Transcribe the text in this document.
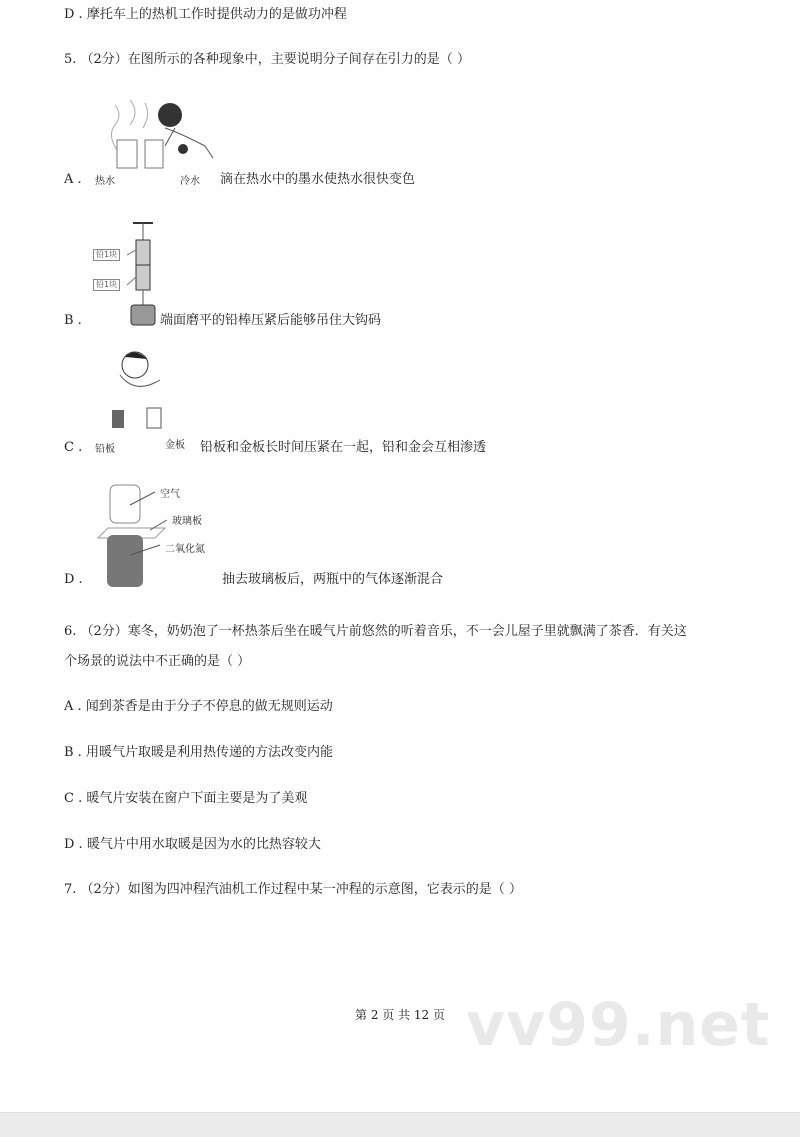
D . 摩托车上的热机工作时提供动力的是做功冲程
5. （2分）在图所示的各种现象中，主要说明分子间存在引力的是（ ）
热水	冷水
A .	滴在热水中的墨水使热水很快变色
铅1块
铅1块
B .	端面磨平的铅棒压紧后能够吊住大钩码
铅板	金板
C .	铅板和金板长时间压紧在一起，铅和金会互相渗透
空气
玻璃板
二氧化氮
D .	抽去玻璃板后，两瓶中的气体逐渐混合
6. （2分）寒冬，奶奶泡了一杯热茶后坐在暖气片前悠然的听着音乐，不一会儿屋子里就飘满了茶香．有关这
个场景的说法中不正确的是（ ）
A . 闻到茶香是由于分子不停息的做无规则运动
B . 用暖气片取暖是利用热传递的方法改变内能
C . 暖气片安装在窗户下面主要是为了美观
D . 暖气片中用水取暖是因为水的比热容较大
7. （2分）如图为四冲程汽油机工作过程中某一冲程的示意图，它表示的是（ ）
第 2 页 共 12 页 vv99.net
